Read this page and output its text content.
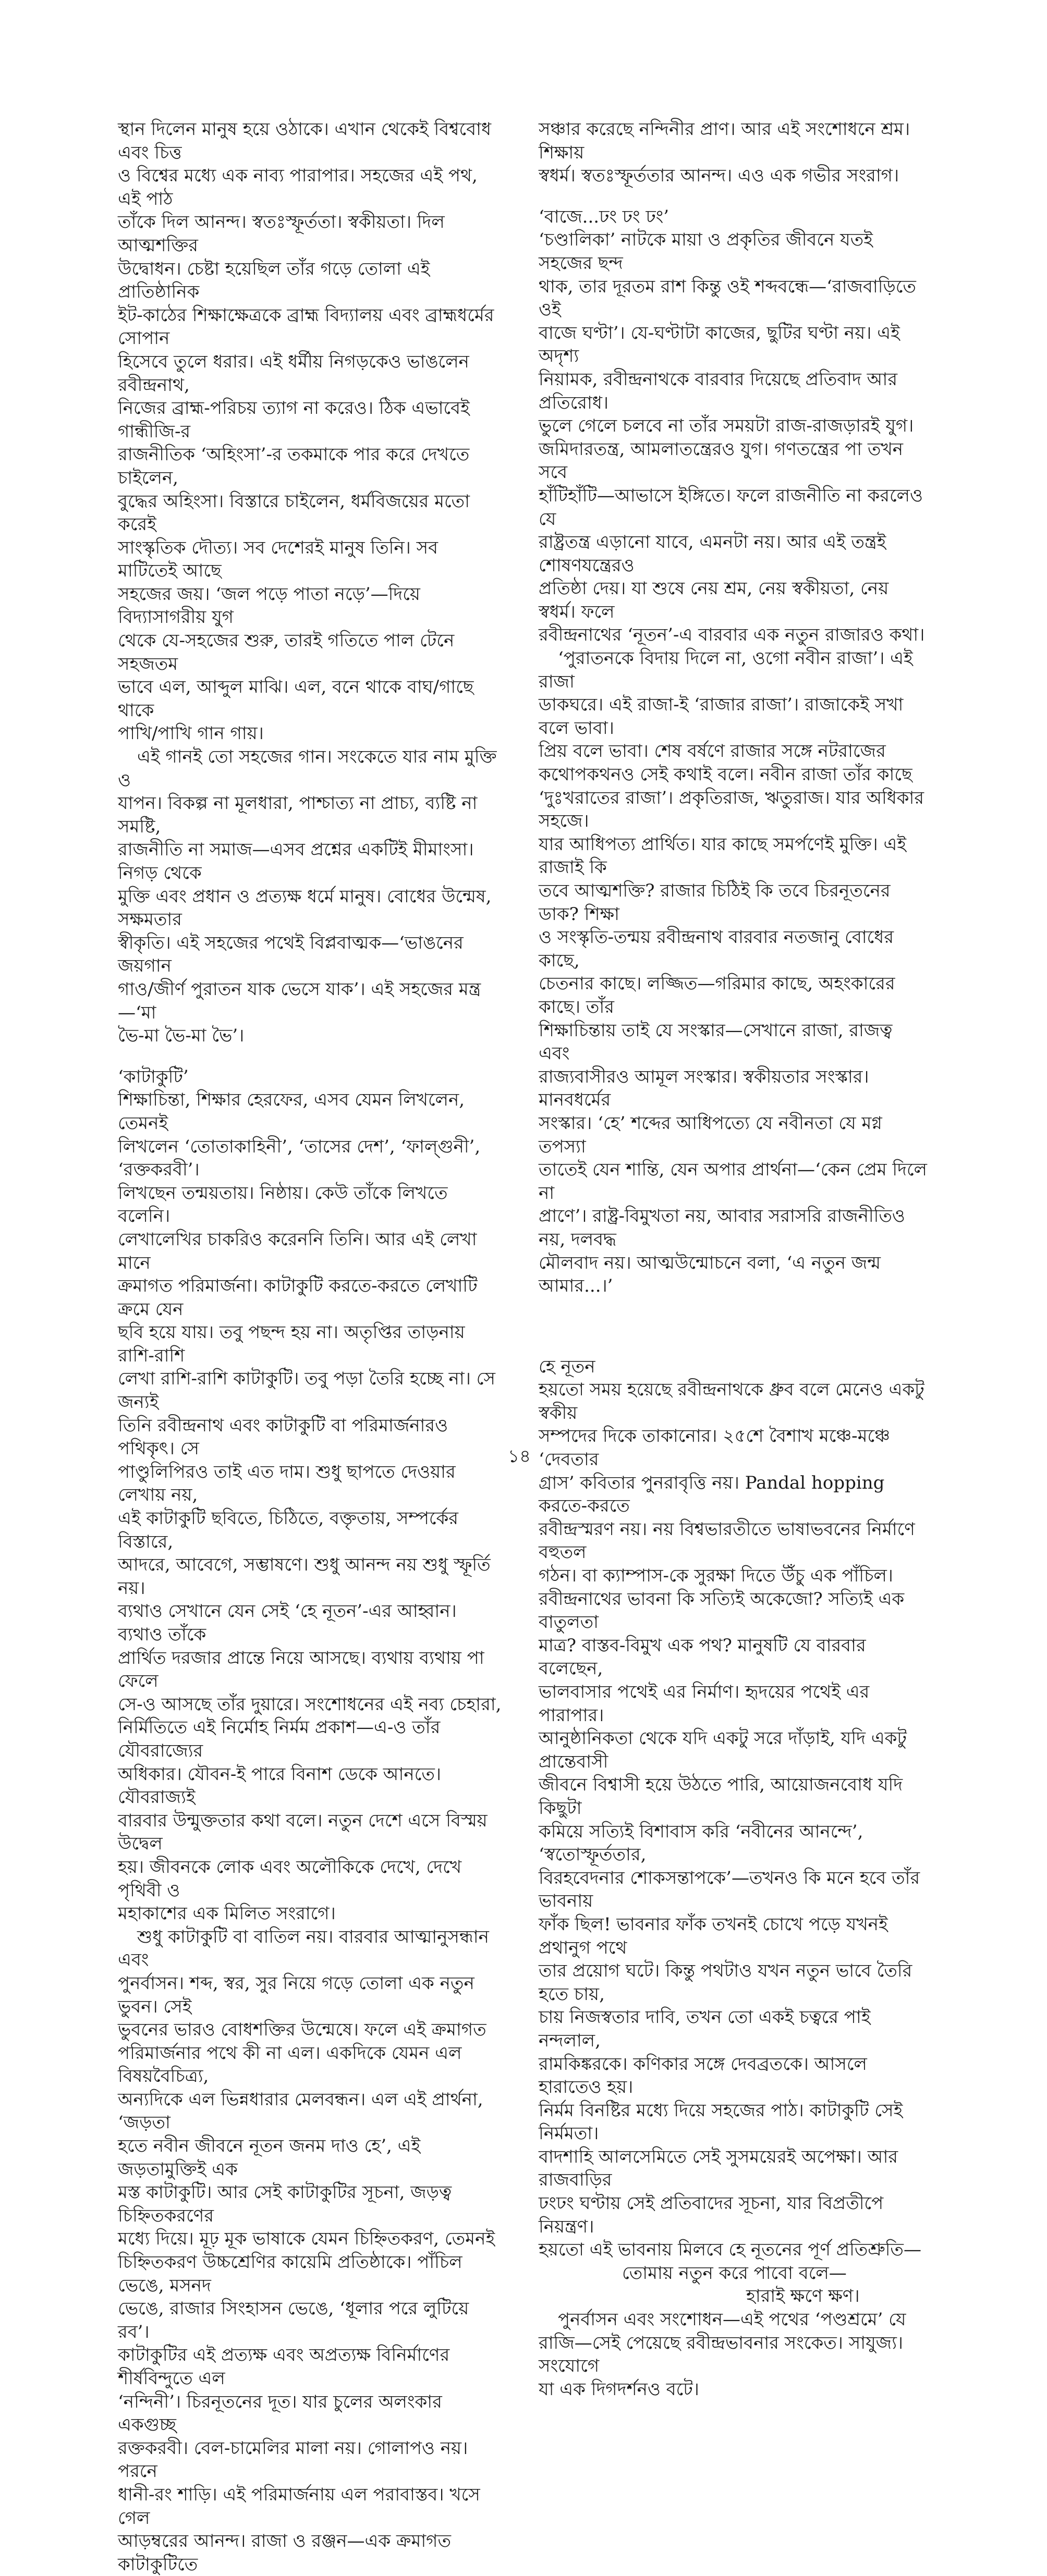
স্থান দিলেন মানুষ হয়ে ওঠাকে। এখান থেকেই বিশ্ববোধ এবং চিত্ত
ও বিশ্বের মধ্যে এক নাব্য পারাপার। সহজের এই পথ, এই পাঠ
তাঁকে দিল আনন্দ। স্বতঃস্ফূর্ততা। স্বকীয়তা। দিল আত্মশক্তির
উদ্বোধন। চেষ্টা হয়েছিল তাঁর গড়ে তোলা এই প্রাতিষ্ঠানিক
ইট-কাঠের শিক্ষাক্ষেত্রকে ব্রাহ্ম বিদ্যালয় এবং ব্রাহ্মধর্মের সোপান
হিসেবে তুলে ধরার। এই ধর্মীয় নিগড়কেও ভাঙলেন রবীন্দ্রনাথ,
নিজের ব্রাহ্ম-পরিচয় ত্যাগ না করেও। ঠিক এভাবেই গান্ধীজি-র
রাজনীতিক ‘অহিংসা’-র তকমাকে পার করে দেখতে চাইলেন,
বুদ্ধের অহিংসা। বিস্তারে চাইলেন, ধর্মবিজয়ের মতো করেই
সাংস্কৃতিক দৌত্য। সব দেশেরই মানুষ তিনি। সব মাটিতেই আছে
সহজের জয়। ‘জল পড়ে পাতা নড়ে’—দিয়ে বিদ্যাসাগরীয় যুগ
থেকে যে-সহজের শুরু, তারই গতিতে পাল টেনে সহজতম
ভাবে এল, আব্দুল মাঝি। এল, বনে থাকে বাঘ/গাছে থাকে
পাখি/পাখি গান গায়।
এই গানই তো সহজের গান। সংকেতে যার নাম মুক্তি ও
যাপন। বিকল্প না মূলধারা, পাশ্চাত্য না প্রাচ্য, ব্যষ্টি না সমষ্টি,
রাজনীতি না সমাজ—এসব প্রশ্নের একটিই মীমাংসা। নিগড় থেকে
মুক্তি এবং প্রধান ও প্রত্যক্ষ ধর্মে মানুষ। বোধের উন্মেষ, সক্ষমতার
স্বীকৃতি। এই সহজের পথেই বিপ্লবাত্মক—‘ভাঙনের জয়গান
গাও/জীর্ণ পুরাতন যাক ভেসে যাক’। এই সহজের মন্ত্র—‘মা
ভৈ-মা ভৈ-মা ভৈ’।
‘কাটাকুটি’
শিক্ষাচিন্তা, শিক্ষার হেরফের, এসব যেমন লিখলেন, তেমনই
লিখলেন ‘তোতাকাহিনী’, ‘তাসের দেশ’, ‘ফাল্গুনী’, ‘রক্তকরবী’।
লিখছেন তন্ময়তায়। নিষ্ঠায়। কেউ তাঁকে লিখতে বলেনি।
লেখালেখির চাকরিও করেননি তিনি। আর এই লেখা মানে
ক্রমাগত পরিমার্জনা। কাটাকুটি করতে-করতে লেখাটি ক্রমে যেন
ছবি হয়ে যায়। তবু পছন্দ হয় না। অতৃপ্তির তাড়নায় রাশি-রাশি
লেখা রাশি-রাশি কাটাকুটি। তবু পড়া তৈরি হচ্ছে না। সে জন্যই
তিনি রবীন্দ্রনাথ এবং কাটাকুটি বা পরিমার্জনারও পথিকৃৎ। সে
পাণ্ডুলিপিরও তাই এত দাম। শুধু ছাপতে দেওয়ার লেখায় নয়,
এই কাটাকুটি ছবিতে, চিঠিতে, বক্তৃতায়, সম্পর্কের বিস্তারে,
আদরে, আবেগে, সম্ভাষণে। শুধু আনন্দ নয় শুধু স্ফূর্তি নয়।
ব্যথাও সেখানে যেন সেই ‘হে নূতন’-এর আহ্বান। ব্যথাও তাঁকে
প্রার্থিত দরজার প্রান্তে নিয়ে আসছে। ব্যথায় ব্যথায় পা ফেলে
সে-ও আসছে তাঁর দুয়ারে। সংশোধনের এই নব্য চেহারা,
নির্মিতিতে এই নির্মোহ নির্মম প্রকাশ—এ-ও তাঁর যৌবরাজ্যের
অধিকার। যৌবন-ই পারে বিনাশ ডেকে আনতে। যৌবরাজ্যই
বারবার উন্মুক্ততার কথা বলে। নতুন দেশে এসে বিস্ময় উদ্বেল
হয়। জীবনকে লোক এবং অলৌকিকে দেখে, দেখে পৃথিবী ও
মহাকাশের এক মিলিত সংরাগে।
শুধু কাটাকুটি বা বাতিল নয়। বারবার আত্মানুসন্ধান এবং
পুনর্বাসন। শব্দ, স্বর, সুর নিয়ে গড়ে তোলা এক নতুন ভুবন। সেই
ভুবনের ভারও বোধশক্তির উন্মেষে। ফলে এই ক্রমাগত
পরিমার্জনার পথে কী না এল। একদিকে যেমন এল বিষয়বৈচিত্র্য,
অন্যদিকে এল ভিন্নধারার মেলবন্ধন। এল এই প্রার্থনা, ‘জড়তা
হতে নবীন জীবনে নূতন জনম দাও হে’, এই জড়তামুক্তিই এক
মস্ত কাটাকুটি। আর সেই কাটাকুটির সূচনা, জড়ত্ব চিহ্নিতকরণের
মধ্যে দিয়ে। মূঢ় মূক ভাষাকে যেমন চিহ্নিতকরণ, তেমনই
চিহ্নিতকরণ উচ্চশ্রেণির কায়েমি প্রতিষ্ঠাকে। পাঁচিল ভেঙে, মসনদ
ভেঙে, রাজার সিংহাসন ভেঙে, ‘ধূলার পরে লুটিয়ে রব’।
কাটাকুটির এই প্রত্যক্ষ এবং অপ্রত্যক্ষ বিনির্মাণের শীর্ষবিন্দুতে এল
‘নন্দিনী’। চিরনূতনের দূত। যার চুলের অলংকার একগুচ্ছ
রক্তকরবী। বেল-চামেলির মালা নয়। গোলাপও নয়। পরনে
ধানী-রং শাড়ি। এই পরিমার্জনায় এল পরাবাস্তব। খসে গেল
আড়ম্বরের আনন্দ। রাজা ও রঞ্জন—এক ক্রমাগত কাটাকুটিতে
সঞ্চার করেছে নন্দিনীর প্রাণ। আর এই সংশোধনে শ্রম। শিক্ষায়
স্বধর্ম। স্বতঃস্ফূর্ততার আনন্দ। এও এক গভীর সংরাগ।
‘বাজে...ঢং ঢং ঢং’
‘চণ্ডালিকা’ নাটকে মায়া ও প্রকৃতির জীবনে যতই সহজের ছন্দ
থাক, তার দূরতম রাশ কিন্তু ওই শব্দবন্ধে—‘রাজবাড়িতে ওই
বাজে ঘণ্টা’। যে-ঘণ্টাটা কাজের, ছুটির ঘণ্টা নয়। এই অদৃশ্য
নিয়ামক, রবীন্দ্রনাথকে বারবার দিয়েছে প্রতিবাদ আর প্রতিরোধ।
ভুলে গেলে চলবে না তাঁর সময়টা রাজ-রাজড়ারই যুগ।
জমিদারতন্ত্র, আমলাতন্ত্রেরও যুগ। গণতন্ত্রের পা তখন সবে
হাঁটিহাঁটি—আভাসে ইঙ্গিতে। ফলে রাজনীতি না করলেও যে
রাষ্ট্রতন্ত্র এড়ানো যাবে, এমনটা নয়। আর এই তন্ত্রই শোষণযন্ত্রেরও
প্রতিষ্ঠা দেয়। যা শুষে নেয় শ্রম, নেয় স্বকীয়তা, নেয় স্বধর্ম। ফলে
রবীন্দ্রনাথের ‘নূতন’-এ বারবার এক নতুন রাজারও কথা।
‘পুরাতনকে বিদায় দিলে না, ওগো নবীন রাজা’। এই রাজা
ডাকঘরে। এই রাজা-ই ‘রাজার রাজা’। রাজাকেই সখা বলে ভাবা।
প্রিয় বলে ভাবা। শেষ বর্ষণে রাজার সঙ্গে নটরাজের
কথোপকথনও সেই কথাই বলে। নবীন রাজা তাঁর কাছে
‘দুঃখরাতের রাজা’। প্রকৃতিরাজ, ঋতুরাজ। যার অধিকার সহজে।
যার আধিপত্য প্রার্থিত। যার কাছে সমর্পণেই মুক্তি। এই রাজাই কি
তবে আত্মশক্তি? রাজার চিঠিই কি তবে চিরনূতনের ডাক? শিক্ষা
ও সংস্কৃতি-তন্ময় রবীন্দ্রনাথ বারবার নতজানু বোধের কাছে,
চেতনার কাছে। লজ্জিত—গরিমার কাছে, অহংকারের কাছে। তাঁর
শিক্ষাচিন্তায় তাই যে সংস্কার—সেখানে রাজা, রাজত্ব এবং
রাজ্যবাসীরও আমূল সংস্কার। স্বকীয়তার সংস্কার। মানবধর্মের
সংস্কার। ‘হে’ শব্দের আধিপত্যে যে নবীনতা যে মগ্ন তপস্যা
তাতেই যেন শান্তি, যেন অপার প্রার্থনা—‘কেন প্রেম দিলে না
প্রাণে’। রাষ্ট্র-বিমুখতা নয়, আবার সরাসরি রাজনীতিও নয়, দলবদ্ধ
মৌলবাদ নয়। আত্মউন্মোচনে বলা, ‘এ নতুন জন্ম আমার...।’
হে নূতন
হয়তো সময় হয়েছে রবীন্দ্রনাথকে ধ্রুব বলে মেনেও একটু স্বকীয়
সম্পদের দিকে তাকানোর। ২৫শে বৈশাখ মঞ্চে-মঞ্চে ‘দেবতার
গ্রাস’ কবিতার পুনরাবৃত্তি নয়। Pandal hopping করতে-করতে
রবীন্দ্রস্মরণ নয়। নয় বিশ্বভারতীতে ভাষাভবনের নির্মাণে বহুতল
গঠন। বা ক্যাম্পাস-কে সুরক্ষা দিতে উঁচু এক পাঁচিল।
রবীন্দ্রনাথের ভাবনা কি সত্যিই অকেজো? সত্যিই এক বাতুলতা
মাত্র? বাস্তব-বিমুখ এক পথ? মানুষটি যে বারবার বলেছেন,
ভালবাসার পথেই এর নির্মাণ। হৃদয়ের পথেই এর পারাপার।
আনুষ্ঠানিকতা থেকে যদি একটু সরে দাঁড়াই, যদি একটু প্রান্তেবাসী
জীবনে বিশ্বাসী হয়ে উঠতে পারি, আয়োজনবোধ যদি কিছুটা
কমিয়ে সত্যিই বিশাবাস করি ‘নবীনের আনন্দে’, ‘স্বতোস্ফূর্ততার,
বিরহবেদনার শোকসন্তাপকে’—তখনও কি মনে হবে তাঁর ভাবনায়
ফাঁক ছিল! ভাবনার ফাঁক তখনই চোখে পড়ে যখনই প্রথানুগ পথে
তার প্রয়োগ ঘটে। কিন্তু পথটাও যখন নতুন ভাবে তৈরি হতে চায়,
চায় নিজস্বতার দাবি, তখন তো একই চত্বরে পাই নন্দলাল,
রামকিঙ্করকে। কণিকার সঙ্গে দেবব্রতকে। আসলে হারাতেও হয়।
নির্মম বিনষ্টির মধ্যে দিয়ে সহজের পাঠ। কাটাকুটি সেই নির্মমতা।
বাদশাহি আলসেমিতে সেই সুসময়েরই অপেক্ষা। আর রাজবাড়ির
ঢংঢং ঘণ্টায় সেই প্রতিবাদের সূচনা, যার বিপ্রতীপে নিয়ন্ত্রণ।
হয়তো এই ভাবনায় মিলবে হে নূতনের পূর্ণ প্রতিশ্রুতি—
তোমায় নতুন করে পাবো বলে—
হারাই ক্ষণে ক্ষণ।
পুনর্বাসন এবং সংশোধন—এই পথের ‘পণ্ডশ্রমে’ যে
রাজি—সেই পেয়েছে রবীন্দ্রভাবনার সংকেত। সাযুজ্য। সংযোগে
যা এক দিগদর্শনও বটে।
১৪
